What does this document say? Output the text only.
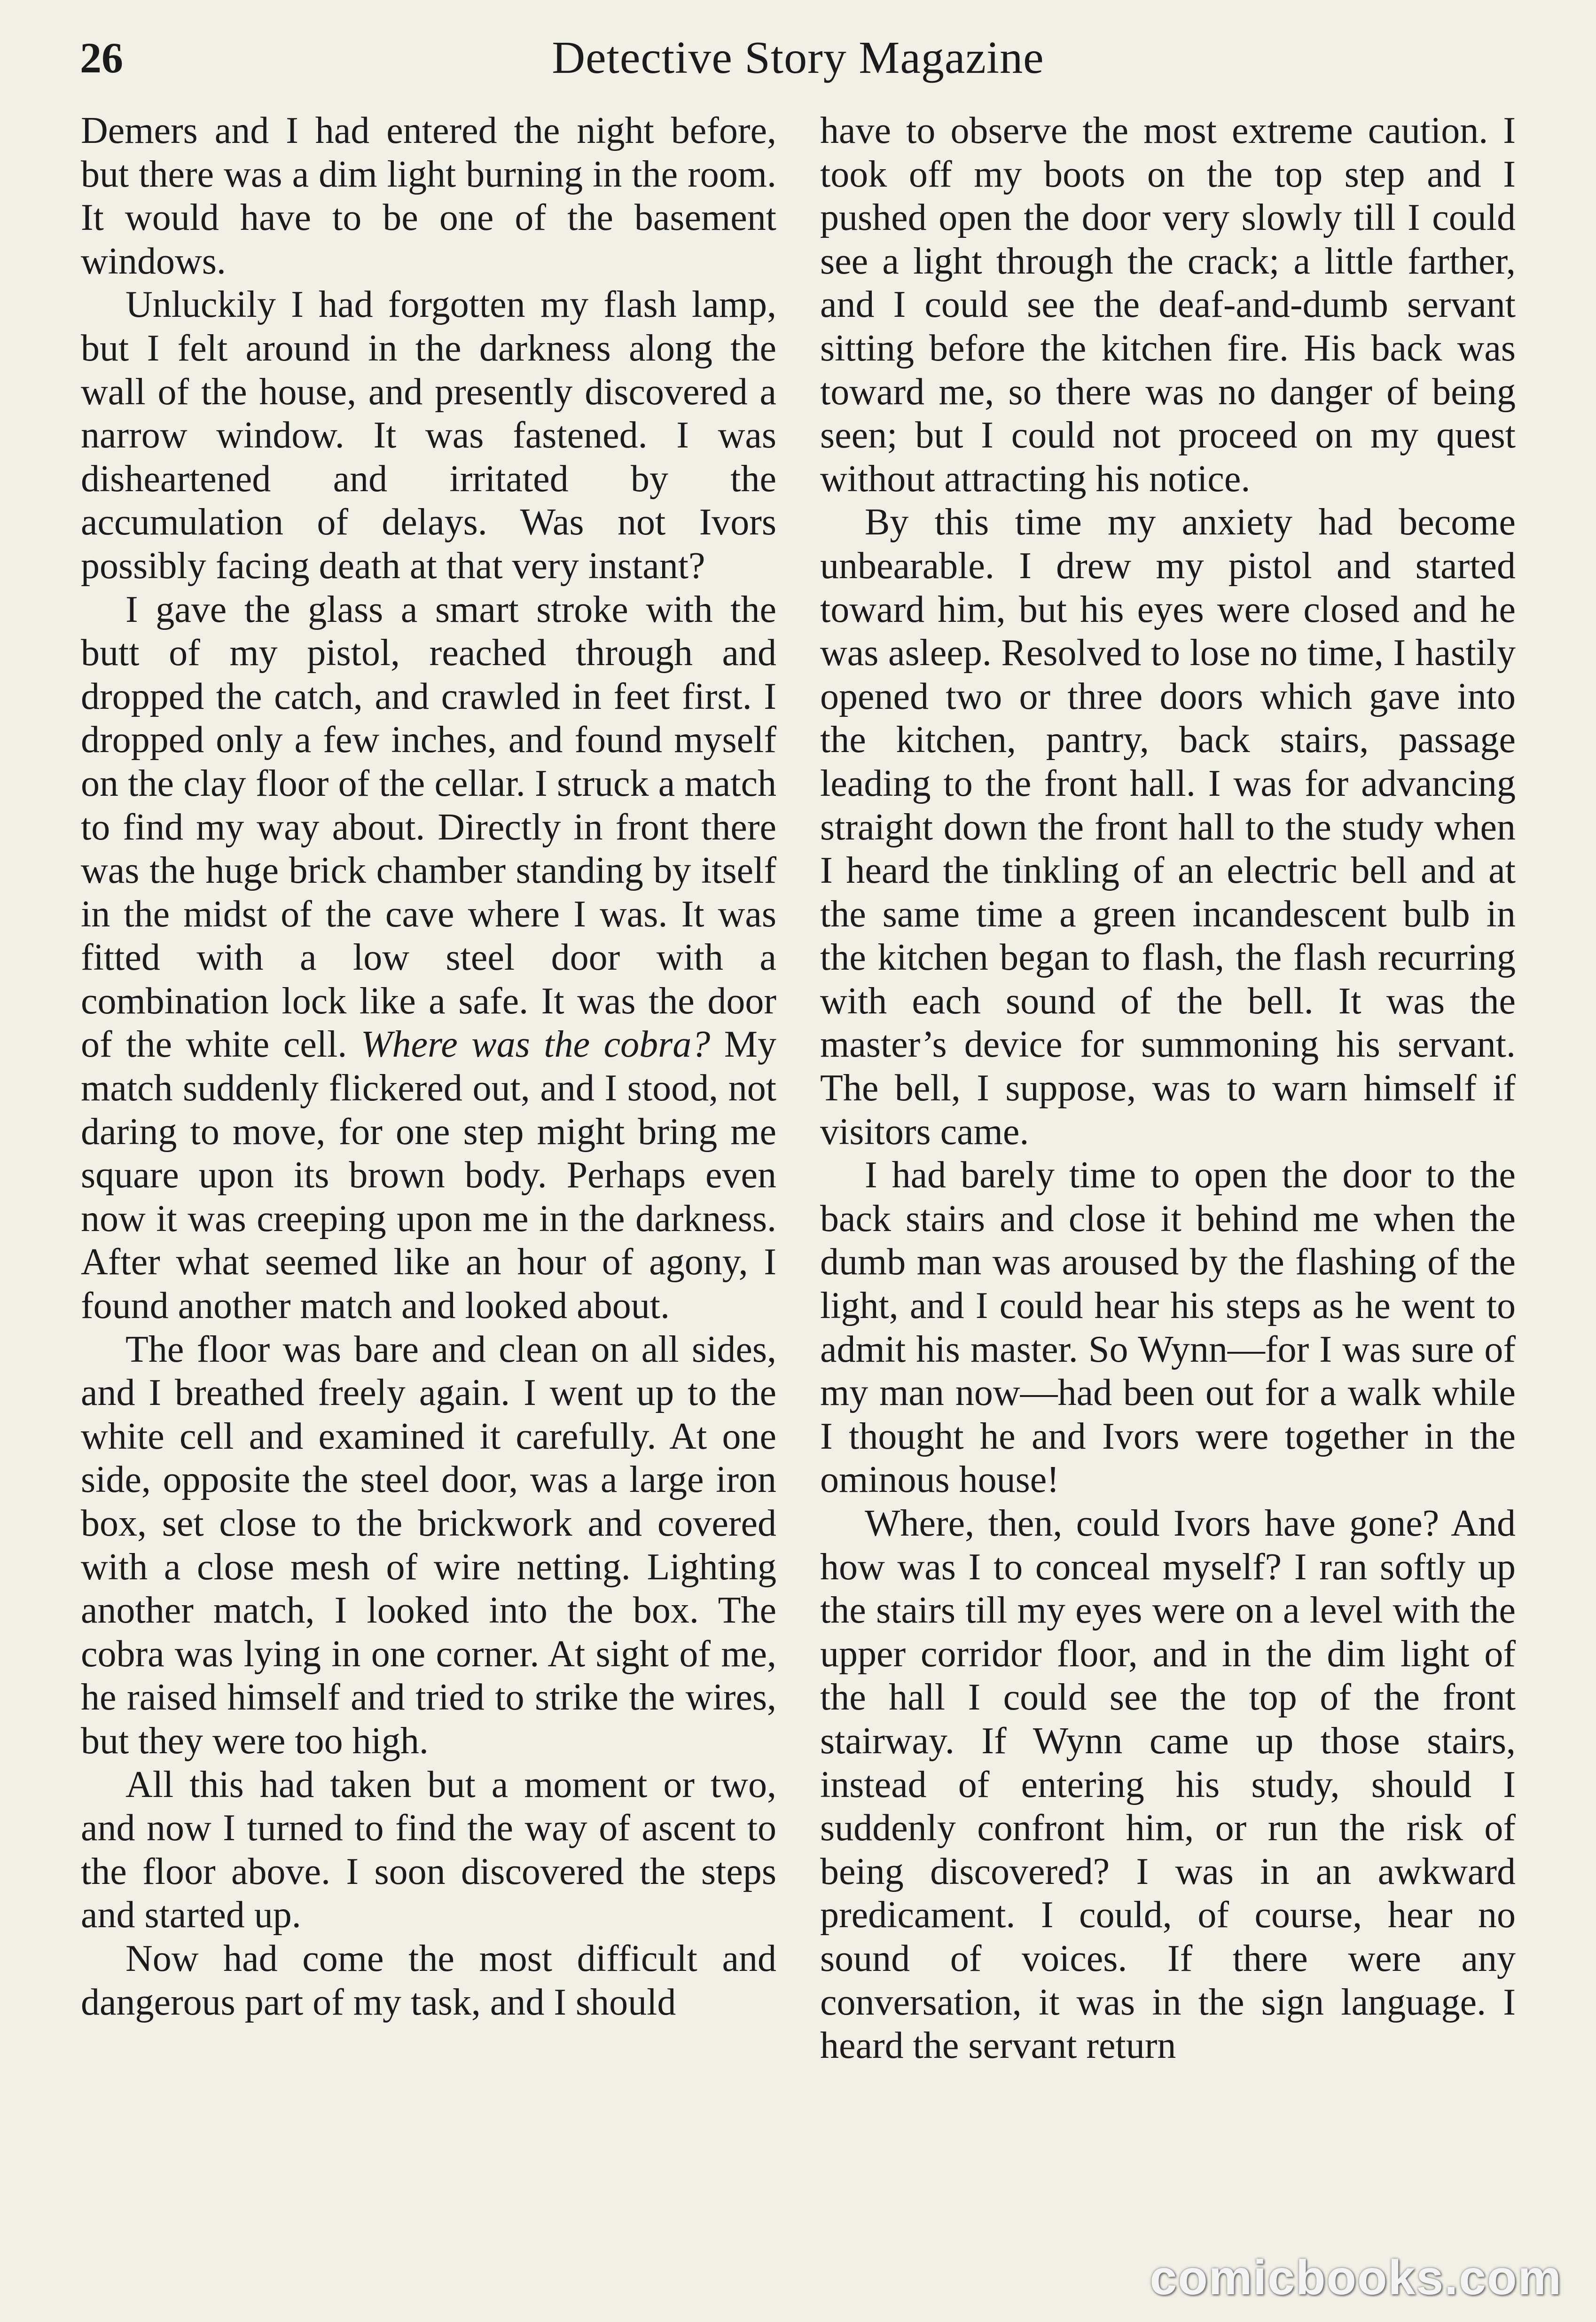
26	Detective Story Magazine

Demers and I had entered the night before, but there was a dim light burning in the room. It would have to be one of the basement windows.

Unluckily I had forgotten my flash lamp, but I felt around in the darkness along the wall of the house, and presently discovered a narrow window. It was fastened. I was disheartened and irritated by the accumulation of delays. Was not Ivors possibly facing death at that very instant?

I gave the glass a smart stroke with the butt of my pistol, reached through and dropped the catch, and crawled in feet first. I dropped only a few inches, and found myself on the clay floor of the cellar. I struck a match to find my way about. Directly in front there was the huge brick chamber standing by itself in the midst of the cave where I was. It was fitted with a low steel door with a combination lock like a safe. It was the door of the white cell. Where was the cobra? My match suddenly flickered out, and I stood, not daring to move, for one step might bring me square upon its brown body. Perhaps even now it was creeping upon me in the darkness. After what seemed like an hour of agony, I found another match and looked about.

The floor was bare and clean on all sides, and I breathed freely again. I went up to the white cell and examined it carefully. At one side, opposite the steel door, was a large iron box, set close to the brickwork and covered with a close mesh of wire netting. Lighting another match, I looked into the box. The cobra was lying in one corner. At sight of me, he raised himself and tried to strike the wires, but they were too high.

All this had taken but a moment or two, and now I turned to find the way of ascent to the floor above. I soon discovered the steps and started up.

Now had come the most difficult and dangerous part of my task, and I should

have to observe the most extreme caution. I took off my boots on the top step and I pushed open the door very slowly till I could see a light through the crack; a little farther, and I could see the deaf-and-dumb servant sitting before the kitchen fire. His back was toward me, so there was no danger of being seen; but I could not proceed on my quest without attracting his notice.

By this time my anxiety had become unbearable. I drew my pistol and started toward him, but his eyes were closed and he was asleep. Resolved to lose no time, I hastily opened two or three doors which gave into the kitchen, pantry, back stairs, passage leading to the front hall. I was for advancing straight down the front hall to the study when I heard the tinkling of an electric bell and at the same time a green incandescent bulb in the kitchen began to flash, the flash recurring with each sound of the bell. It was the master’s device for summoning his servant. The bell, I suppose, was to warn himself if visitors came.

I had barely time to open the door to the back stairs and close it behind me when the dumb man was aroused by the flashing of the light, and I could hear his steps as he went to admit his master. So Wynn—for I was sure of my man now—had been out for a walk while I thought he and Ivors were together in the ominous house!

Where, then, could Ivors have gone? And how was I to conceal myself? I ran softly up the stairs till my eyes were on a level with the upper corridor floor, and in the dim light of the hall I could see the top of the front stairway. If Wynn came up those stairs, instead of entering his study, should I suddenly confront him, or run the risk of being discovered? I was in an awkward predicament. I could, of course, hear no sound of voices. If there were any conversation, it was in the sign language. I heard the servant return

comicbooks.com
